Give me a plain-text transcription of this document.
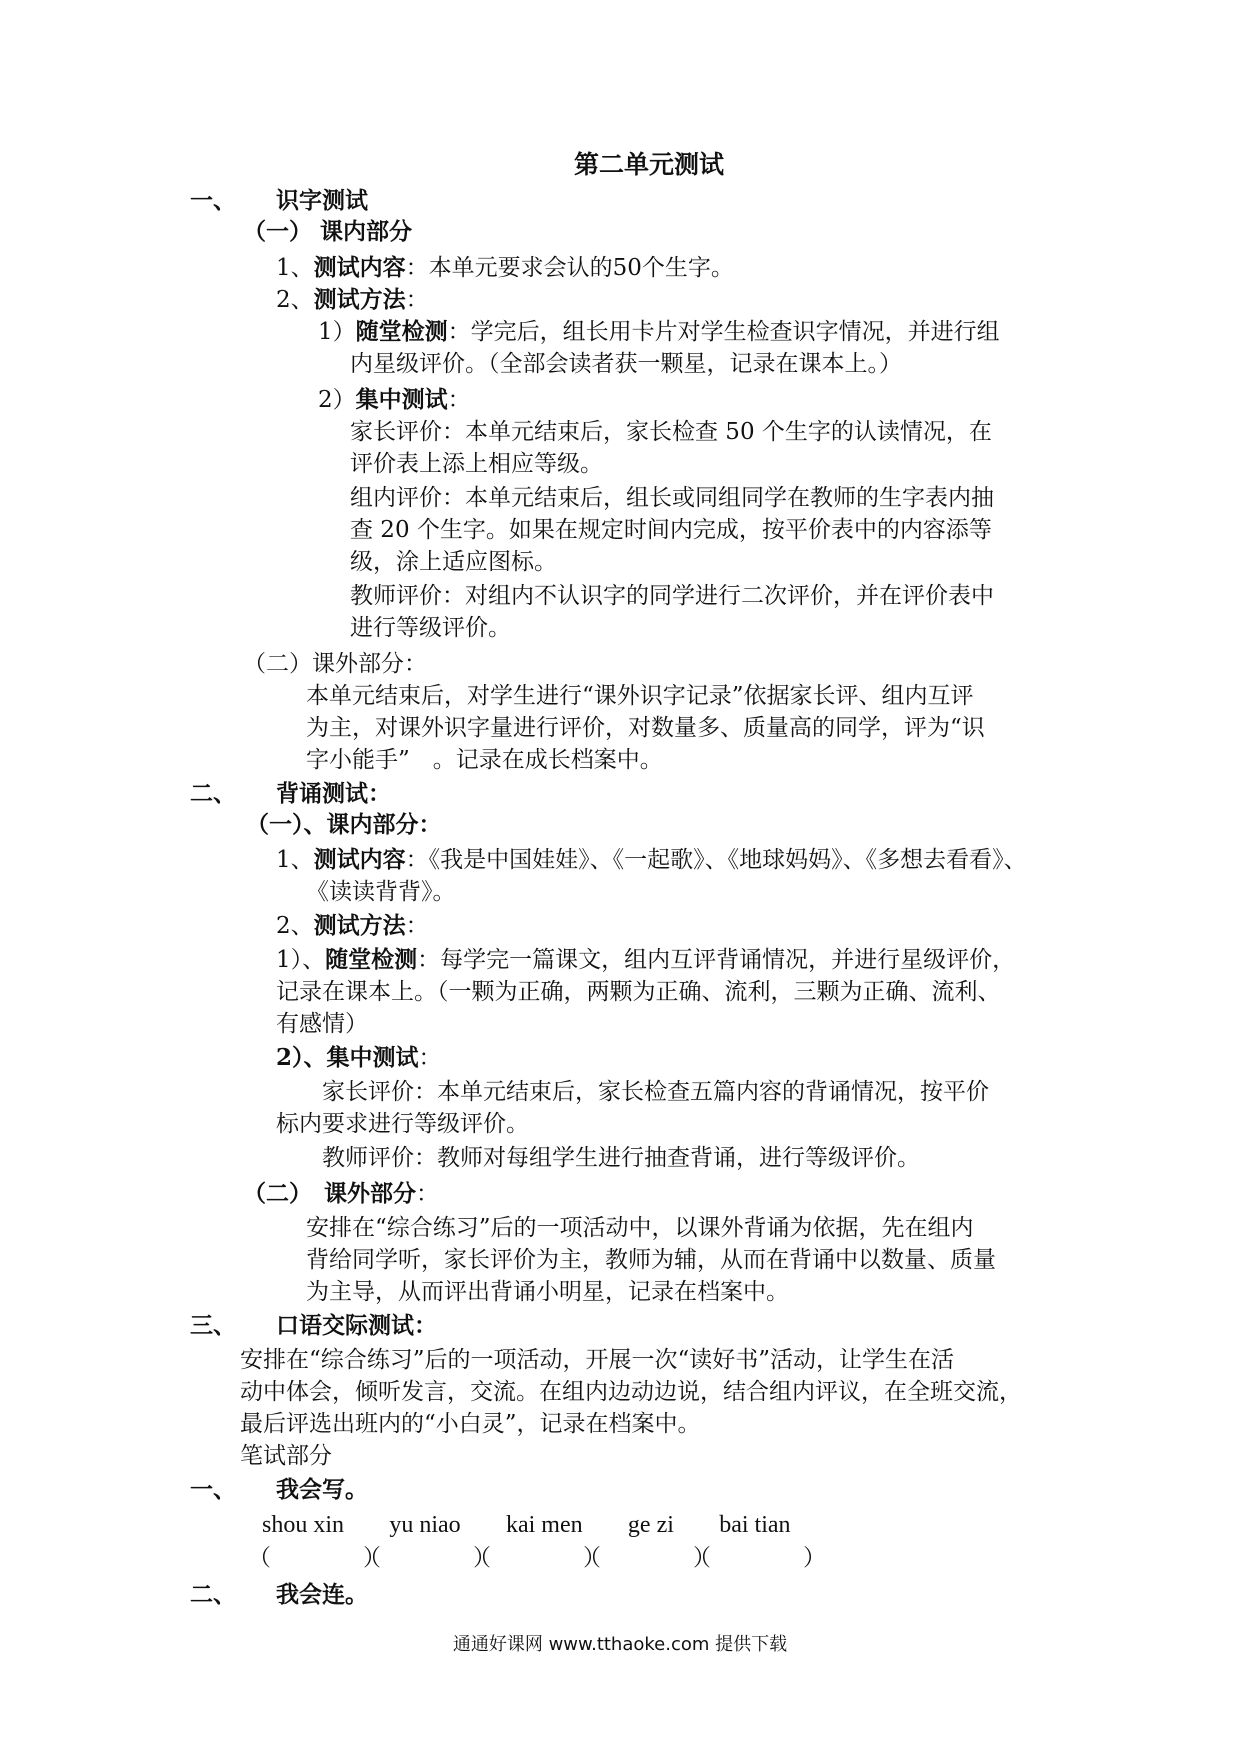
第二单元测试
一、 识字测试
（一） 课内部分
1、测试内容：本单元要求会认的50个生字。
2、测试方法：
1）随堂检测：学完后，组长用卡片对学生检查识字情况，并进行组
内星级评价。（全部会读者获一颗星，记录在课本上。）
2）集中测试：
家长评价：本单元结束后，家长检查 50 个生字的认读情况，在
评价表上添上相应等级。
组内评价：本单元结束后，组长或同组同学在教师的生字表内抽
查 20 个生字。如果在规定时间内完成，按平价表中的内容添等
级，涂上适应图标。
教师评价：对组内不认识字的同学进行二次评价，并在评价表中
进行等级评价。
（二）课外部分：
本单元结束后，对学生进行“课外识字记录”依据家长评、组内互评
为主，对课外识字量进行评价，对数量多、质量高的同学，评为“识
字小能手”　。记录在成长档案中。
二、 背诵测试：
（一）、课内部分：
1、测试内容：《我是中国娃娃》、《一起歌》、《地球妈妈》、《多想去看看》、
《读读背背》。
2、测试方法：
1）、随堂检测：每学完一篇课文，组内互评背诵情况，并进行星级评价，
记录在课本上。（一颗为正确，两颗为正确、流利，三颗为正确、流利、
有感情）
2）、集中测试：
家长评价：本单元结束后，家长检查五篇内容的背诵情况，按平价
标内要求进行等级评价。
教师评价：教师对每组学生进行抽查背诵，进行等级评价。
（二） 课外部分：
安排在“综合练习”后的一项活动中，以课外背诵为依据，先在组内
背给同学听，家长评价为主，教师为辅，从而在背诵中以数量、质量
为主导，从而评出背诵小明星，记录在档案中。
三、 口语交际测试：
安排在“综合练习”后的一项活动，开展一次“读好书”活动，让学生在活
动中体会，倾听发言，交流。在组内边动边说，结合组内评议，在全班交流，
最后评选出班内的“小白灵”，记录在档案中。
笔试部分
一、 我会写。
shou xin yu niao kai men ge zi bai tian
（　　　　）（　　　　）（　　　　）（　　　　）（　　　　）
二、 我会连。
通通好课网 www.tthaoke.com 提供下载
